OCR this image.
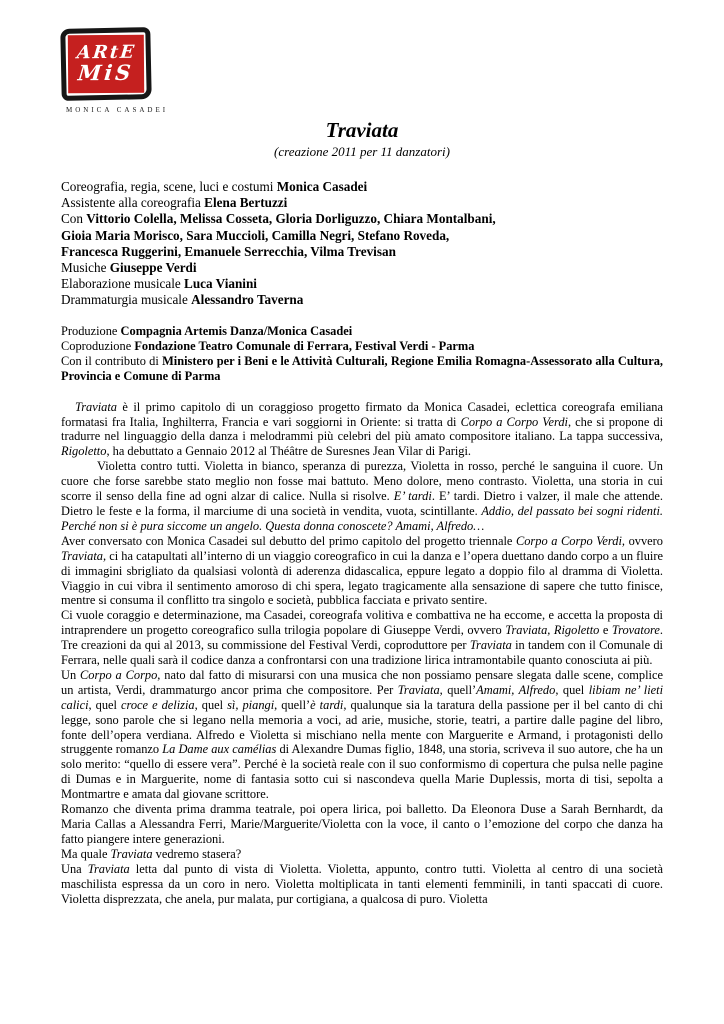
ARtE
MiS
MONICA CASADEI
Traviata
(creazione 2011 per 11 danzatori)
Coreografia, regia, scene, luci e costumi Monica Casadei
Assistente alla coreografia Elena Bertuzzi
Con Vittorio Colella, Melissa Cosseta, Gloria Dorliguzzo, Chiara Montalbani,
Gioia Maria Morisco, Sara Muccioli, Camilla Negri, Stefano Roveda,
Francesca Ruggerini, Emanuele Serrecchia, Vilma Trevisan
Musiche Giuseppe Verdi
Elaborazione musicale Luca Vianini
Drammaturgia musicale Alessandro Taverna
Produzione Compagnia Artemis Danza/Monica Casadei
Coproduzione Fondazione Teatro Comunale di Ferrara, Festival Verdi - Parma
Con il contributo di Ministero per i Beni e le Attività Culturali, Regione Emilia Romagna-Assessorato alla Cultura, Provincia e Comune di Parma

Traviata è il primo capitolo di un coraggioso progetto firmato da Monica Casadei, eclettica coreografa emiliana formatasi fra Italia, Inghilterra, Francia e vari soggiorni in Oriente: si tratta di Corpo a Corpo Verdi, che si propone di tradurre nel linguaggio della danza i melodrammi più celebri del più amato compositore italiano. La tappa successiva, Rigoletto, ha debuttato a Gennaio 2012 al Théâtre de Suresnes Jean Vilar di Parigi.

Violetta contro tutti. Violetta in bianco, speranza di purezza, Violetta in rosso, perché le sanguina il cuore. Un cuore che forse sarebbe stato meglio non fosse mai battuto. Meno dolore, meno contrasto. Violetta, una storia in cui scorre il senso della fine ad ogni alzar di calice. Nulla si risolve. E’ tardi. E’ tardi. Dietro i valzer, il male che attende. Dietro le feste e la forma, il marciume di una società in vendita, vuota, scintillante. Addio, del passato bei sogni ridenti. Perché non si è pura siccome un angelo. Questa donna conoscete? Amami, Alfredo…

Aver conversato con Monica Casadei sul debutto del primo capitolo del progetto triennale Corpo a Corpo Verdi, ovvero Traviata, ci ha catapultati all’interno di un viaggio coreografico in cui la danza e l’opera duettano dando corpo a un fluire di immagini sbrigliato da qualsiasi volontà di aderenza didascalica, eppure legato a doppio filo al dramma di Violetta. Viaggio in cui vibra il sentimento amoroso di chi spera, legato tragicamente alla sensazione di sapere che tutto finisce, mentre si consuma il conflitto tra singolo e società, pubblica facciata e privato sentire.

Ci vuole coraggio e determinazione, ma Casadei, coreografa volitiva e combattiva ne ha eccome, e accetta la proposta di intraprendere un progetto coreografico sulla trilogia popolare di Giuseppe Verdi, ovvero Traviata, Rigoletto e Trovatore. Tre creazioni da qui al 2013, su commissione del Festival Verdi, coproduttore per Traviata in tandem con il Comunale di Ferrara, nelle quali sarà il codice danza a confrontarsi con una tradizione lirica intramontabile quanto conosciuta ai più.

Un Corpo a Corpo, nato dal fatto di misurarsi con una musica che non possiamo pensare slegata dalle scene, complice un artista, Verdi, drammaturgo ancor prima che compositore. Per Traviata, quell’Amami, Alfredo, quel libiam ne’ lieti calici, quel croce e delizia, quel sì, piangi, quell’è tardi, qualunque sia la taratura della passione per il bel canto di chi legge, sono parole che si legano nella memoria a voci, ad arie, musiche, storie, teatri, a partire dalle pagine del libro, fonte dell’opera verdiana. Alfredo e Violetta si mischiano nella mente con Marguerite e Armand, i protagonisti dello struggente romanzo La Dame aux camélias di Alexandre Dumas figlio, 1848, una storia, scriveva il suo autore, che ha un solo merito: “quello di essere vera”. Perché è la società reale con il suo conformismo di copertura che pulsa nelle pagine di Dumas e in Marguerite, nome di fantasia sotto cui si nascondeva quella Marie Duplessis, morta di tisi, sepolta a Montmartre e amata dal giovane scrittore.

Romanzo che diventa prima dramma teatrale, poi opera lirica, poi balletto. Da Eleonora Duse a Sarah Bernhardt, da Maria Callas a Alessandra Ferri, Marie/Marguerite/Violetta con la voce, il canto o l’emozione del corpo che danza ha fatto piangere intere generazioni.

Ma quale Traviata vedremo stasera?

Una Traviata letta dal punto di vista di Violetta. Violetta, appunto, contro tutti. Violetta al centro di una società maschilista espressa da un coro in nero. Violetta moltiplicata in tanti elementi femminili, in tanti spaccati di cuore. Violetta disprezzata, che anela, pur malata, pur cortigiana, a qualcosa di puro. Violetta
